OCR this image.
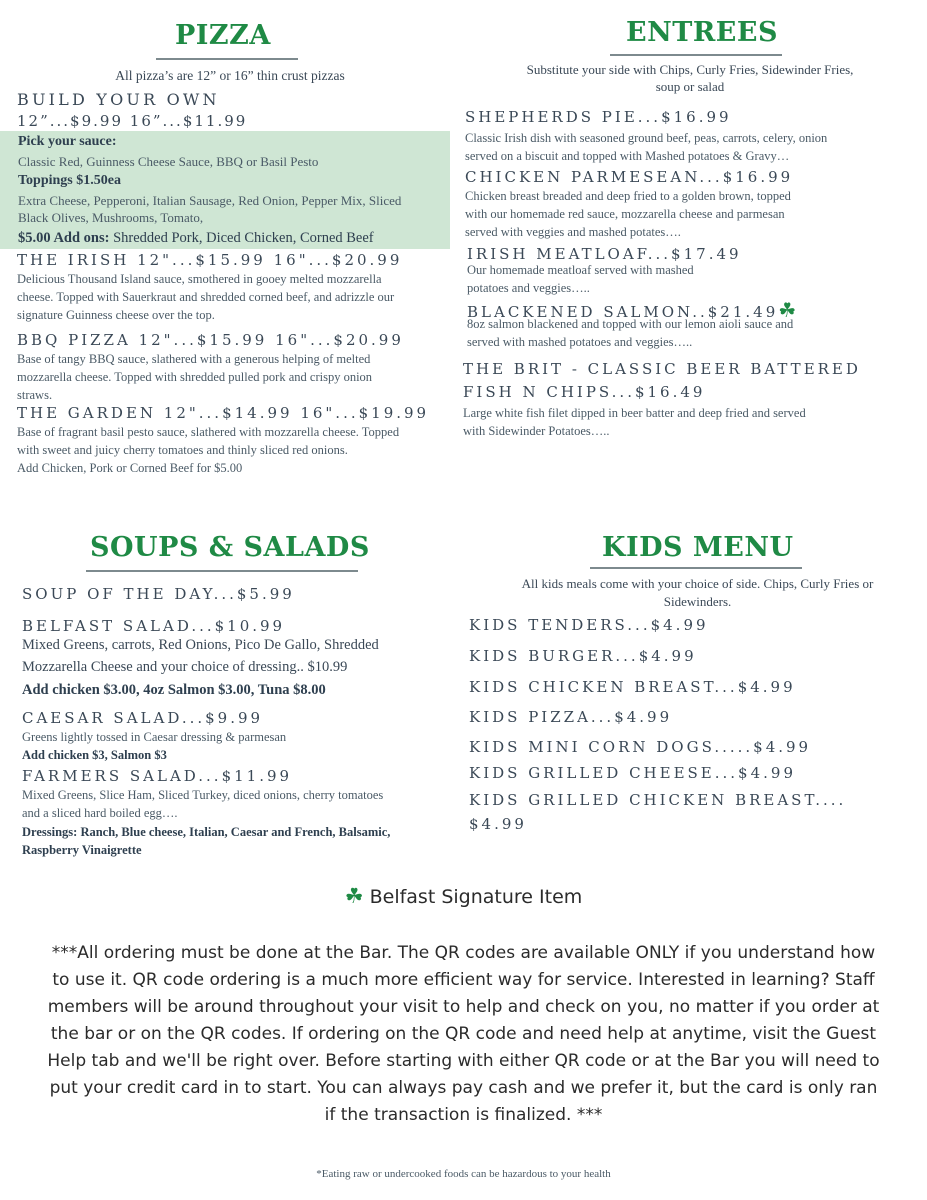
PIZZA
All pizza’s are 12” or 16” thin crust pizzas
BUILD YOUR OWN
12”...$9.99 16”...$11.99
Pick your sauce:
Classic Red, Guinness Cheese Sauce, BBQ or Basil Pesto
Toppings $1.50ea
Extra Cheese, Pepperoni, Italian Sausage, Red Onion, Pepper Mix, Sliced
Black Olives, Mushrooms, Tomato,
$5.00 Add ons: Shredded Pork, Diced Chicken, Corned Beef
THE IRISH 12"...$15.99 16"...$20.99
Delicious Thousand Island sauce, smothered in gooey melted mozzarella
cheese. Topped with Sauerkraut and shredded corned beef, and adrizzle our
signature Guinness cheese over the top.
BBQ PIZZA 12"...$15.99 16"...$20.99
Base of tangy BBQ sauce, slathered with a generous helping of melted
mozzarella cheese. Topped with shredded pulled pork and crispy onion
straws.
THE GARDEN 12"...$14.99 16"...$19.99
Base of fragrant basil pesto sauce, slathered with mozzarella cheese. Topped
with sweet and juicy cherry tomatoes and thinly sliced red onions.
Add Chicken, Pork or Corned Beef for $5.00
ENTREES
Substitute your side with Chips, Curly Fries, Sidewinder Fries,
soup or salad
SHEPHERDS PIE...$16.99
Classic Irish dish with seasoned ground beef, peas, carrots, celery, onion
served on a biscuit and topped with Mashed potatoes & Gravy…
CHICKEN PARMESEAN...$16.99
Chicken breast breaded and deep fried to a golden brown, topped
with our homemade red sauce, mozzarella cheese and parmesan
served with veggies and mashed potates….
IRISH MEATLOAF...$17.49
Our homemade meatloaf served with mashed
potatoes and veggies…..
BLACKENED SALMON..$21.49☘
8oz salmon blackened and topped with our lemon aioli sauce and
served with mashed potatoes and veggies…..
THE BRIT - CLASSIC BEER BATTERED
FISH N CHIPS...$16.49
Large white fish filet dipped in beer batter and deep fried and served
with Sidewinder Potatoes…..
SOUPS & SALADS
SOUP OF THE DAY...$5.99
BELFAST SALAD...$10.99
Mixed Greens, carrots, Red Onions, Pico De Gallo, Shredded
Mozzarella Cheese and your choice of dressing.. $10.99
Add chicken $3.00, 4oz Salmon $3.00, Tuna $8.00
CAESAR SALAD...$9.99
Greens lightly tossed in Caesar dressing & parmesan
Add chicken $3, Salmon $3
FARMERS SALAD...$11.99
Mixed Greens, Slice Ham, Sliced Turkey, diced onions, cherry tomatoes
and a sliced hard boiled egg….
Dressings: Ranch, Blue cheese, Italian, Caesar and French, Balsamic,
Raspberry Vinaigrette
KIDS MENU
All kids meals come with your choice of side. Chips, Curly Fries or
Sidewinders.
KIDS TENDERS...$4.99
KIDS BURGER...$4.99
KIDS CHICKEN BREAST...$4.99
KIDS PIZZA...$4.99
KIDS MINI CORN DOGS.....$4.99
KIDS GRILLED CHEESE...$4.99
KIDS GRILLED CHICKEN BREAST....
$4.99
☘ Belfast Signature Item
***All ordering must be done at the Bar. The QR codes are available ONLY if you understand how
to use it. QR code ordering is a much more efficient way for service. Interested in learning? Staff
members will be around throughout your visit to help and check on you, no matter if you order at
the bar or on the QR codes. If ordering on the QR code and need help at anytime, visit the Guest
Help tab and we'll be right over. Before starting with either QR code or at the Bar you will need to
put your credit card in to start. You can always pay cash and we prefer it, but the card is only ran
if the transaction is finalized. ***
*Eating raw or undercooked foods can be hazardous to your health
